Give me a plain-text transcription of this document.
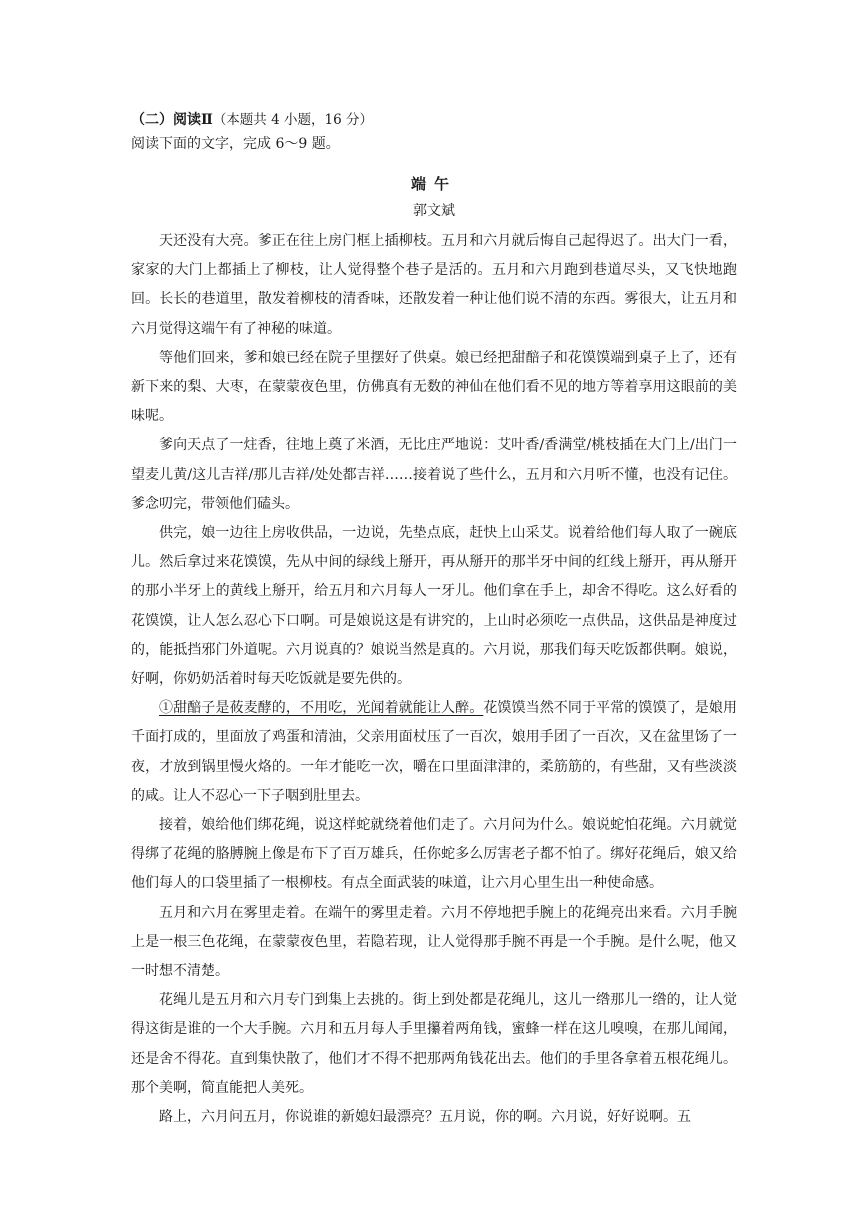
（二）阅读Ⅱ（本题共 4 小题，16 分）
阅读下面的文字，完成 6～9 题。
端午
郭文斌

天还没有大亮。爹正在往上房门框上插柳枝。五月和六月就后悔自己起得迟了。出大门一看，家家的大门上都插上了柳枝，让人觉得整个巷子是活的。五月和六月跑到巷道尽头，又飞快地跑回。长长的巷道里，散发着柳枝的清香味，还散发着一种让他们说不清的东西。雾很大，让五月和六月觉得这端午有了神秘的味道。

等他们回来，爹和娘已经在院子里摆好了供桌。娘已经把甜醅子和花馍馍端到桌子上了，还有新下来的梨、大枣，在蒙蒙夜色里，仿佛真有无数的神仙在他们看不见的地方等着享用这眼前的美味呢。

爹向天点了一炷香，往地上奠了米酒，无比庄严地说：艾叶香/香满堂/桃枝插在大门上/出门一望麦儿黄/这儿吉祥/那儿吉祥/处处都吉祥……接着说了些什么，五月和六月听不懂，也没有记住。爹念叨完，带领他们磕头。

供完，娘一边往上房收供品，一边说，先垫点底，赶快上山采艾。说着给他们每人取了一碗底儿。然后拿过来花馍馍，先从中间的绿线上掰开，再从掰开的那半牙中间的红线上掰开，再从掰开的那小半牙上的黄线上掰开，给五月和六月每人一牙儿。他们拿在手上，却舍不得吃。这么好看的花馍馍，让人怎么忍心下口啊。可是娘说这是有讲究的，上山时必须吃一点供品，这供品是神度过的，能抵挡邪门外道呢。六月说真的？娘说当然是真的。六月说，那我们每天吃饭都供啊。娘说，好啊，你奶奶活着时每天吃饭就是要先供的。

①甜醅子是莜麦酵的，不用吃，光闻着就能让人醉。花馍馍当然不同于平常的馍馍了，是娘用千面打成的，里面放了鸡蛋和清油，父亲用面杖压了一百次，娘用手团了一百次，又在盆里饧了一夜，才放到锅里慢火烙的。一年才能吃一次，嚼在口里面津津的，柔筋筋的，有些甜，又有些淡淡的咸。让人不忍心一下子咽到肚里去。

接着，娘给他们绑花绳，说这样蛇就绕着他们走了。六月问为什么。娘说蛇怕花绳。六月就觉得绑了花绳的胳膊腕上像是布下了百万雄兵，任你蛇多么厉害老子都不怕了。绑好花绳后，娘又给他们每人的口袋里插了一根柳枝。有点全面武装的味道，让六月心里生出一种使命感。

五月和六月在雾里走着。在端午的雾里走着。六月不停地把手腕上的花绳亮出来看。六月手腕上是一根三色花绳，在蒙蒙夜色里，若隐若现，让人觉得那手腕不再是一个手腕。是什么呢，他又一时想不清楚。

花绳儿是五月和六月专门到集上去挑的。街上到处都是花绳儿，这儿一绺那儿一绺的，让人觉得这街是谁的一个大手腕。六月和五月每人手里攥着两角钱，蜜蜂一样在这儿嗅嗅，在那儿闻闻，还是舍不得花。直到集快散了，他们才不得不把那两角钱花出去。他们的手里各拿着五根花绳儿。那个美啊，简直能把人美死。

路上，六月问五月，你说谁的新媳妇最漂亮？五月说，你的啊。六月说，好好说啊。五
